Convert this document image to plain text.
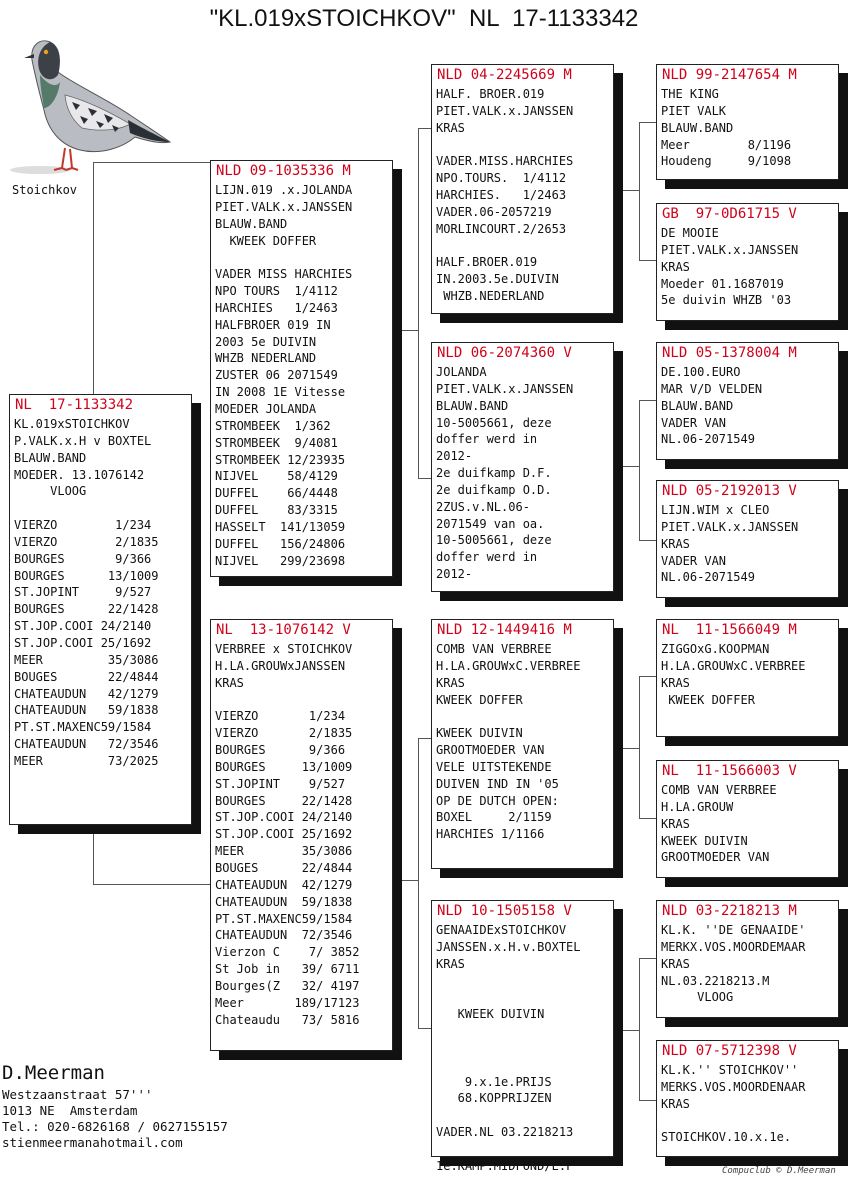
"KL.019xSTOICHKOV"  NL  17-1133342
Stoichkov
NL  17-1133342
KL.019xSTOICHKOV
P.VALK.x.H v BOXTEL
BLAUW.BAND
MOEDER. 13.1076142
VLOOG
VIERZO        1/234
VIERZO        2/1835
BOURGES       9/366
BOURGES      13/1009
ST.JOPINT     9/527
BOURGES      22/1428
ST.JOP.COOI 24/2140
ST.JOP.COOI 25/1692
MEER         35/3086
BOUGES       22/4844
CHATEAUDUN   42/1279
CHATEAUDUN   59/1838
PT.ST.MAXENC59/1584
CHATEAUDUN   72/3546
MEER         73/2025
NLD 09-1035336 M
LIJN.019 .x.JOLANDA
PIET.VALK.x.JANSSEN
BLAUW.BAND
KWEEK DOFFER
VADER MISS HARCHIES
NPO TOURS  1/4112
HARCHIES   1/2463
HALFBROER 019 IN
2003 5e DUIVIN
WHZB NEDERLAND
ZUSTER 06 2071549
IN 2008 1E Vitesse
MOEDER JOLANDA
STROMBEEK  1/362
STROMBEEK  9/4081
STROMBEEK 12/23935
NIJVEL    58/4129
DUFFEL    66/4448
DUFFEL    83/3315
HASSELT  141/13059
DUFFEL   156/24806
NIJVEL   299/23698
NL  13-1076142 V
VERBREE x STOICHKOV
H.LA.GROUWxJANSSEN
KRAS
VIERZO       1/234
VIERZO       2/1835
BOURGES      9/366
BOURGES     13/1009
ST.JOPINT    9/527
BOURGES     22/1428
ST.JOP.COOI 24/2140
ST.JOP.COOI 25/1692
MEER        35/3086
BOUGES      22/4844
CHATEAUDUN  42/1279
CHATEAUDUN  59/1838
PT.ST.MAXENC59/1584
CHATEAUDUN  72/3546
Vierzon C    7/ 3852
St Job in   39/ 6711
Bourges(Z   32/ 4197
Meer       189/17123
Chateaudu   73/ 5816
NLD 04-2245669 M
HALF. BROER.019
PIET.VALK.x.JANSSEN
KRAS
VADER.MISS.HARCHIES
NPO.TOURS.  1/4112
HARCHIES.   1/2463
VADER.06-2057219
MORLINCOURT.2/2653
HALF.BROER.019
IN.2003.5e.DUIVIN
WHZB.NEDERLAND
NLD 06-2074360 V
JOLANDA
PIET.VALK.x.JANSSEN
BLAUW.BAND
10-5005661, deze
doffer werd in
2012-
2e duifkamp D.F.
2e duifkamp O.D.
2ZUS.v.NL.06-
2071549 van oa.
10-5005661, deze
doffer werd in
2012-
NLD 12-1449416 M
COMB VAN VERBREE
H.LA.GROUWxC.VERBREE
KRAS
KWEEK DOFFER
KWEEK DUIVIN
GROOTMOEDER VAN
VELE UITSTEKENDE
DUIVEN IND IN '05
OP DE DUTCH OPEN:
BOXEL     2/1159
HARCHIES 1/1166
NLD 10-1505158 V
GENAAIDExSTOICHKOV
JANSSEN.x.H.v.BOXTEL
KRAS
KWEEK DUIVIN
9.x.1e.PRIJS
68.KOPPRIJZEN
VADER.NL 03.2218213
1e.KAMP.MIDFOND/E.F
NLD 99-2147654 M
THE KING
PIET VALK
BLAUW.BAND
Meer        8/1196
Houdeng     9/1098
GB  97-0D61715 V
DE MOOIE
PIET.VALK.x.JANSSEN
KRAS
Moeder 01.1687019
5e duivin WHZB '03
NLD 05-1378004 M
DE.100.EURO
MAR V/D VELDEN
BLAUW.BAND
VADER VAN
NL.06-2071549
NLD 05-2192013 V
LIJN.WIM x CLEO
PIET.VALK.x.JANSSEN
KRAS
VADER VAN
NL.06-2071549
NL  11-1566049 M
ZIGGOxG.KOOPMAN
H.LA.GROUWxC.VERBREE
KRAS
KWEEK DOFFER
NL  11-1566003 V
COMB VAN VERBREE
H.LA.GROUW
KRAS
KWEEK DUIVIN
GROOTMOEDER VAN
NLD 03-2218213 M
KL.K. ''DE GENAAIDE'
MERKX.VOS.MOORDEMAAR
KRAS
NL.03.2218213.M
VLOOG
NLD 07-5712398 V
KL.K.'' STOICHKOV''
MERKS.VOS.MOORDENAAR
KRAS
STOICHKOV.10.x.1e.
D.Meerman
Westzaanstraat 57'''
1013 NE  Amsterdam
Tel.: 020-6826168 / 0627155157
stienmeermanahotmail.com
Compuclub © D.Meerman
